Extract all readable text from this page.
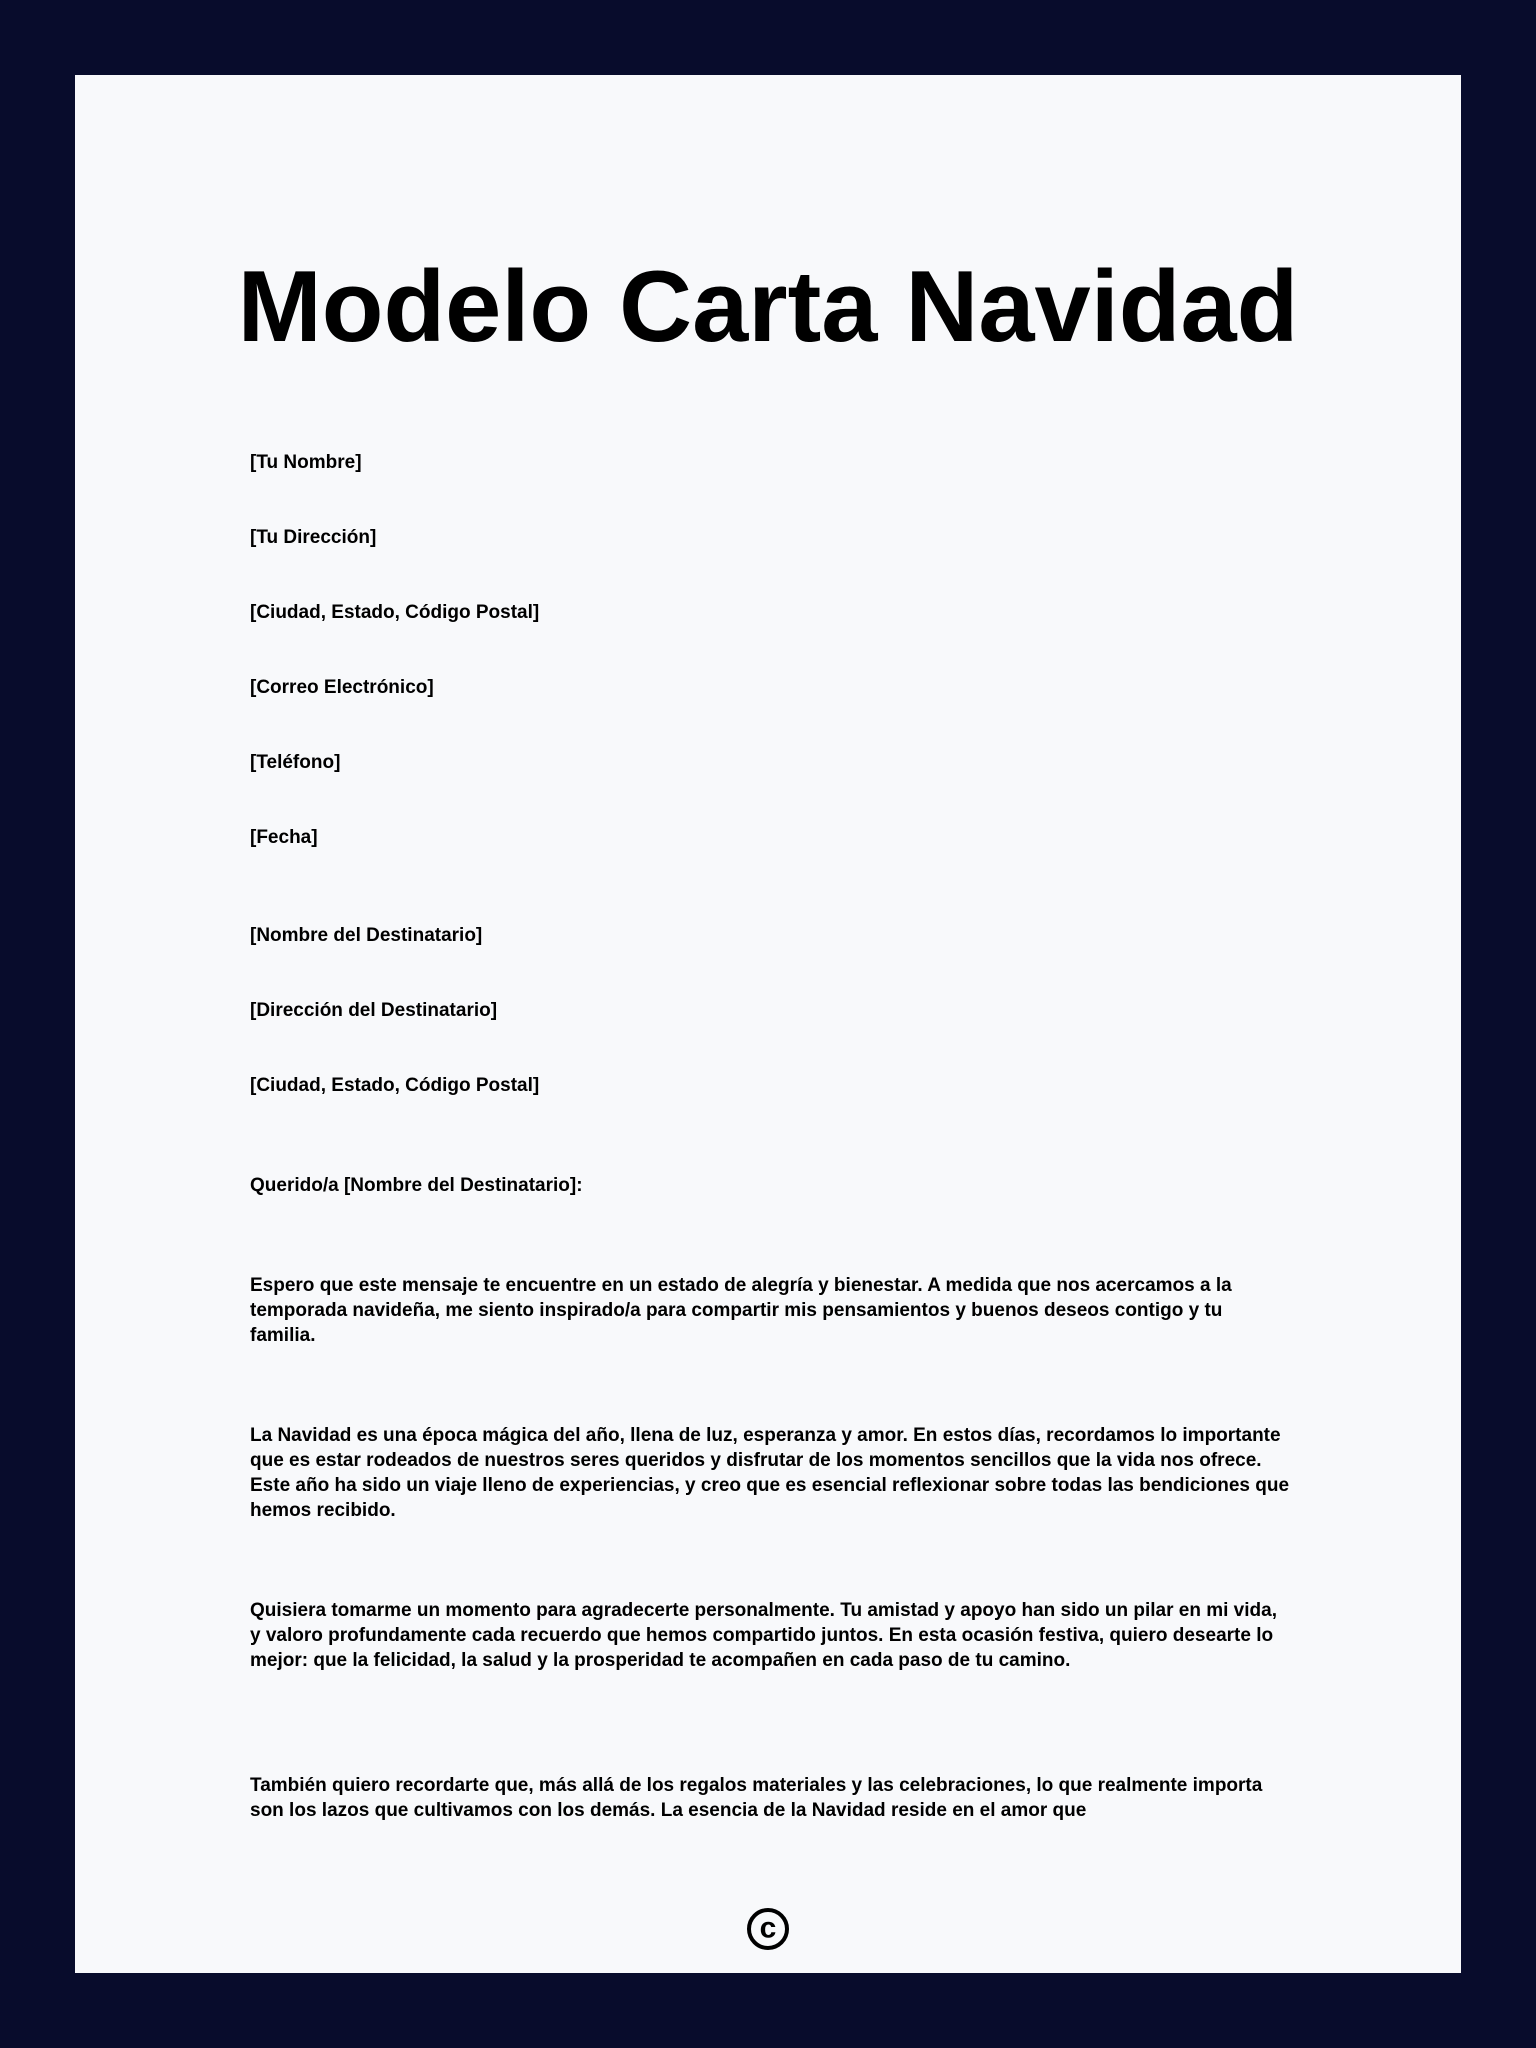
Modelo Carta Navidad

[Tu Nombre]

[Tu Dirección]

[Ciudad, Estado, Código Postal]

[Correo Electrónico]

[Teléfono]

[Fecha]

[Nombre del Destinatario]

[Dirección del Destinatario]

[Ciudad, Estado, Código Postal]

Querido/a [Nombre del Destinatario]:

Espero que este mensaje te encuentre en un estado de alegría y bienestar. A medida que nos acercamos a la temporada navideña, me siento inspirado/a para compartir mis pensamientos y buenos deseos contigo y tu familia.

La Navidad es una época mágica del año, llena de luz, esperanza y amor. En estos días, recordamos lo importante que es estar rodeados de nuestros seres queridos y disfrutar de los momentos sencillos que la vida nos ofrece. Este año ha sido un viaje lleno de experiencias, y creo que es esencial reflexionar sobre todas las bendiciones que hemos recibido.

Quisiera tomarme un momento para agradecerte personalmente. Tu amistad y apoyo han sido un pilar en mi vida, y valoro profundamente cada recuerdo que hemos compartido juntos. En esta ocasión festiva, quiero desearte lo mejor: que la felicidad, la salud y la prosperidad te acompañen en cada paso de tu camino.

También quiero recordarte que, más allá de los regalos materiales y las celebraciones, lo que realmente importa son los lazos que cultivamos con los demás. La esencia de la Navidad reside en el amor que

c
